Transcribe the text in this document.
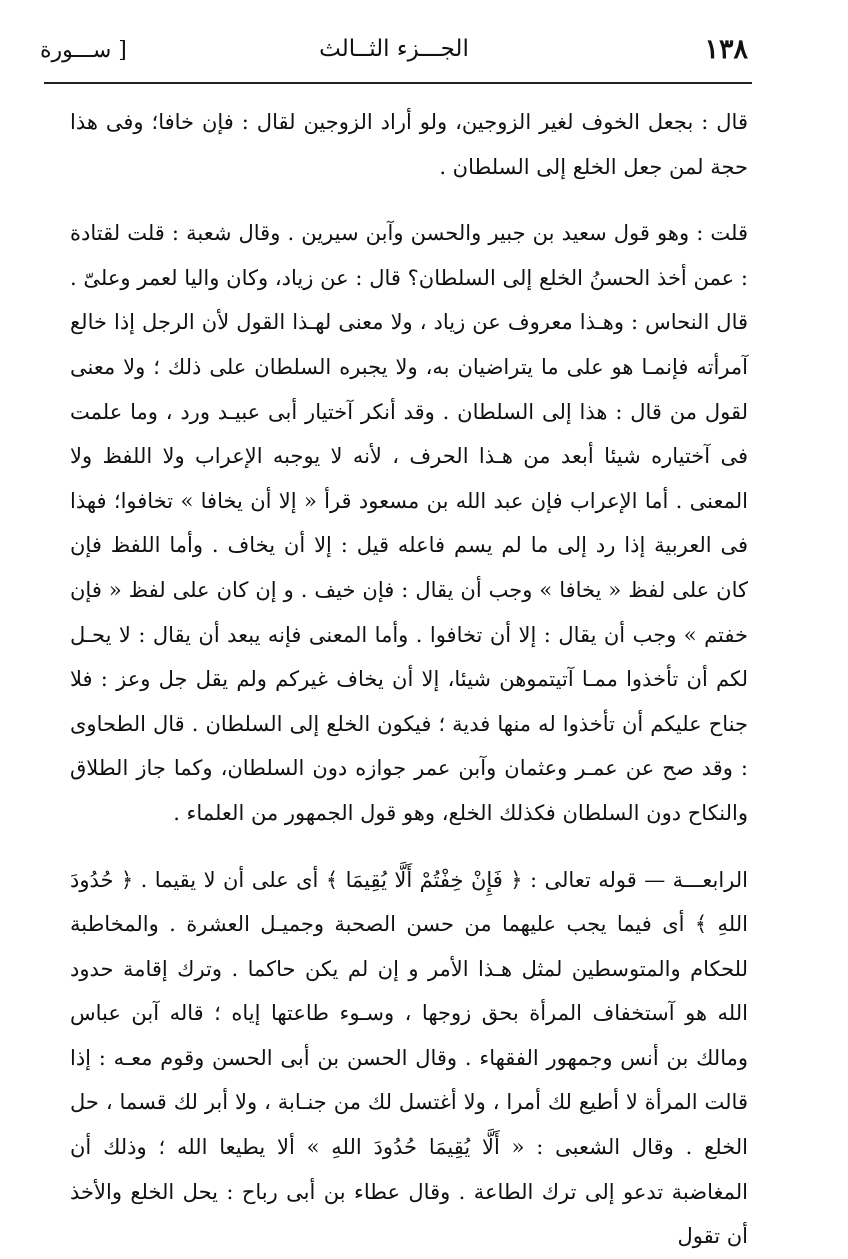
١٣٨
الجـــزء الثــالث
[ ســـورة

قال : بجعل الخوف لغير الزوجين، ولو أراد الزوجين لقال : فإن خافا؛ وفى هذا حجة لمن جعل الخلع إلى السلطان .

قلت : وهو قول سعيد بن جبير والحسن وآبن سيرين . وقال شعبة : قلت لقتادة : عمن أخذ الحسنُ الخلع إلى السلطان؟ قال : عن زياد، وكان واليا لعمر وعلىّ . قال النحاس : وهـذا معروف عن زياد ، ولا معنى لهـذا القول لأن الرجل إذا خالع آمرأته فإنمـا هو على ما يتراضيان به، ولا يجبره السلطان على ذلك ؛ ولا معنى لقول من قال : هذا إلى السلطان . وقد أنكر آختيار أبى عبيـد ورد ، وما علمت فى آختياره شيئا أبعد من هـذا الحرف ، لأنه لا يوجبه الإعراب ولا اللفظ ولا المعنى . أما الإعراب فإن عبد الله بن مسعود قرأ « إلا أن يخافا » تخافوا؛ فهذا فى العربية إذا رد إلى ما لم يسم فاعله قيل : إلا أن يخاف . وأما اللفظ فإن كان على لفظ « يخافا » وجب أن يقال : فإن خيف . و إن كان على لفظ « فإن خفتم » وجب أن يقال : إلا أن تخافوا . وأما المعنى فإنه يبعد أن يقال : لا يحـل لكم أن تأخذوا ممـا آتيتموهن شيئا، إلا أن يخاف غيركم ولم يقل جل وعز : فلا جناح عليكم أن تأخذوا له منها فدية ؛ فيكون الخلع إلى السلطان . قال الطحاوى : وقد صح عن عمـر وعثمان وآبن عمر جوازه دون السلطان، وكما جاز الطلاق والنكاح دون السلطان فكذلك الخلع، وهو قول الجمهور من العلماء .

الرابعـــة — قوله تعالى : ﴿ فَإِنْ خِفْتُمْ أَلَّا يُقِيمَا ﴾ أى على أن لا يقيما . ﴿ حُدُودَ اللهِ ﴾ أى فيما يجب عليهما من حسن الصحبة وجميـل العشرة . والمخاطبة للحكام والمتوسطين لمثل هـذا الأمر و إن لم يكن حاكما . وترك إقامة حدود الله هو آستخفاف المرأة بحق زوجها ، وسـوء طاعتها إياه ؛ قاله آبن عباس ومالك بن أنس وجمهور الفقهاء . وقال الحسن بن أبى الحسن وقوم معـه : إذا قالت المرأة لا أطيع لك أمرا ، ولا أغتسل لك من جنـابة ، ولا أبر لك قسما ، حل الخلع . وقال الشعبى : « أَلَّا يُقِيمَا حُدُودَ اللهِ » ألا يطيعا الله ؛ وذلك أن المغاضبة تدعو إلى ترك الطاعة . وقال عطاء بن أبى رباح : يحل الخلع والأخذ أن تقول
